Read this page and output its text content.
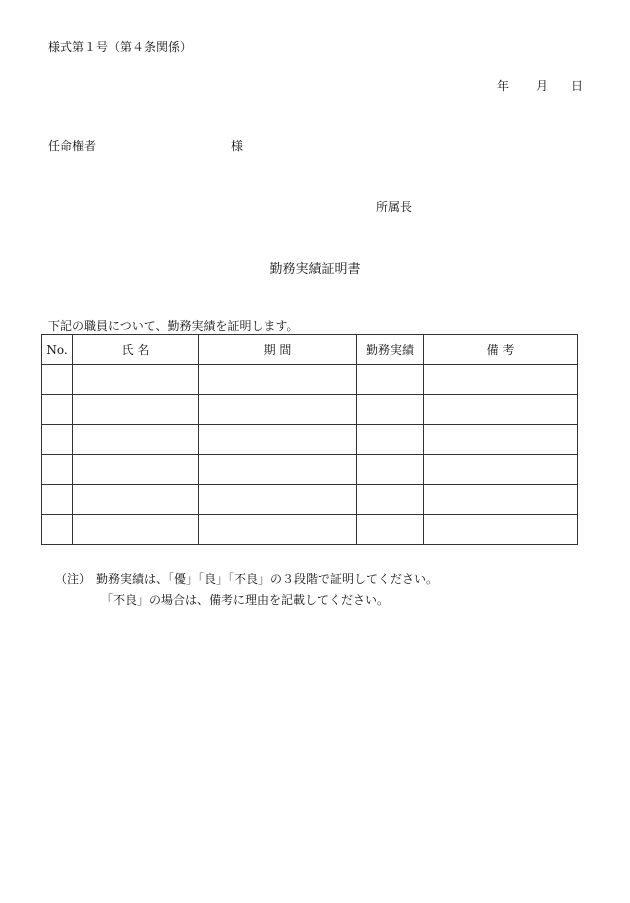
様式第１号（第４条関係）
年 月 日
任命権者	様
所属長
勤務実績証明書
下記の職員について、勤務実績を証明します。
No.	氏 名	期 間	勤務実績	備 考

（注） 勤務実績は、「優」「良」「不良」の３段階で証明してください。
「不良」の場合は、備考に理由を記載してください。
